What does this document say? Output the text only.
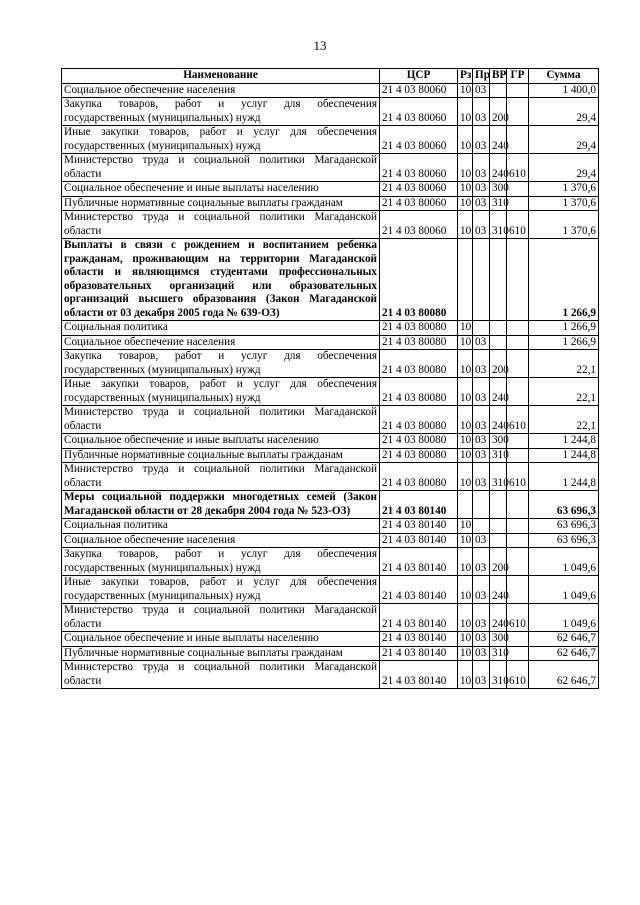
13
Наименование	ЦСР	Рз	Пр	ВР	ГР	Сумма
Социальное обеспечение населения	21 4 03 80060	10	03			1 400,0
Закупка товаров, работ и услуг для обеспечения государственных (муниципальных) нужд	21 4 03 80060	10	03	200		29,4
Иные закупки товаров, работ и услуг для обеспечения государственных (муниципальных) нужд	21 4 03 80060	10	03	240		29,4
Министерство труда и социальной политики Магаданской области	21 4 03 80060	10	03	240	610	29,4
Социальное обеспечение и иные выплаты населению	21 4 03 80060	10	03	300		1 370,6
Публичные нормативные социальные выплаты гражданам	21 4 03 80060	10	03	310		1 370,6
Министерство труда и социальной политики Магаданской области	21 4 03 80060	10	03	310	610	1 370,6
Выплаты в связи с рождением и воспитанием ребенка гражданам, проживающим на территории Магаданской области и являющимся студентами профессиональных образовательных организаций или образовательных организаций высшего образования (Закон Магаданской области от 03 декабря 2005 года № 639-ОЗ)	21 4 03 80080					1 266,9
Социальная политика	21 4 03 80080	10				1 266,9
Социальное обеспечение населения	21 4 03 80080	10	03			1 266,9
Закупка товаров, работ и услуг для обеспечения государственных (муниципальных) нужд	21 4 03 80080	10	03	200		22,1
Иные закупки товаров, работ и услуг для обеспечения государственных (муниципальных) нужд	21 4 03 80080	10	03	240		22,1
Министерство труда и социальной политики Магаданской области	21 4 03 80080	10	03	240	610	22,1
Социальное обеспечение и иные выплаты населению	21 4 03 80080	10	03	300		1 244,8
Публичные нормативные социальные выплаты гражданам	21 4 03 80080	10	03	310		1 244,8
Министерство труда и социальной политики Магаданской области	21 4 03 80080	10	03	310	610	1 244,8
Меры социальной поддержки многодетных семей (Закон Магаданской области от 28 декабря 2004 года № 523-ОЗ)	21 4 03 80140					63 696,3
Социальная политика	21 4 03 80140	10				63 696,3
Социальное обеспечение населения	21 4 03 80140	10	03			63 696,3
Закупка товаров, работ и услуг для обеспечения государственных (муниципальных) нужд	21 4 03 80140	10	03	200		1 049,6
Иные закупки товаров, работ и услуг для обеспечения государственных (муниципальных) нужд	21 4 03 80140	10	03	240		1 049,6
Министерство труда и социальной политики Магаданской области	21 4 03 80140	10	03	240	610	1 049,6
Социальное обеспечение и иные выплаты населению	21 4 03 80140	10	03	300		62 646,7
Публичные нормативные социальные выплаты гражданам	21 4 03 80140	10	03	310		62 646,7
Министерство труда и социальной политики Магаданской области	21 4 03 80140	10	03	310	610	62 646,7
